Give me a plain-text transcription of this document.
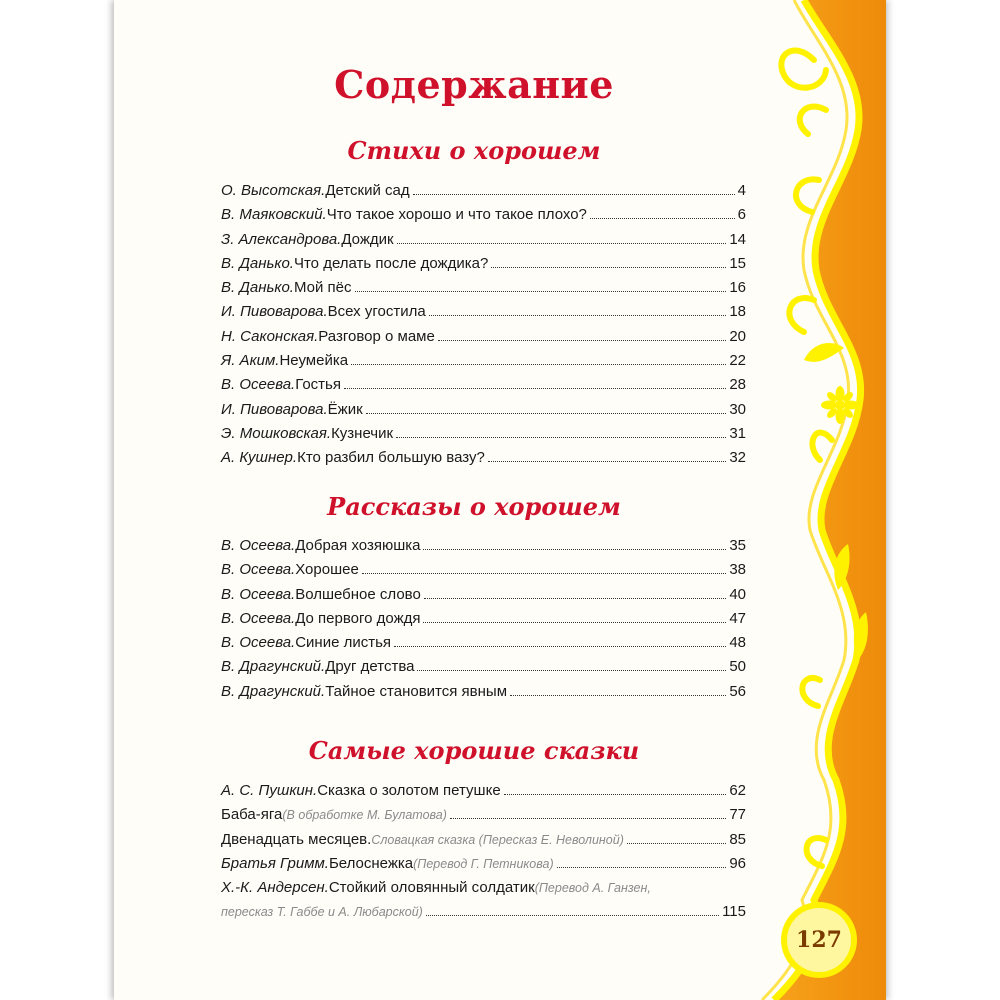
Содержание
Стихи о хорошем
О. Высотская. Детский сад	4
В. Маяковский. Что такое хорошо и что такое плохо?	6
З. Александрова. Дождик	14
В. Данько. Что делать после дождика?	15
В. Данько. Мой пёс	16
И. Пивоварова. Всех угостила	18
Н. Саконская. Разговор о маме	20
Я. Аким. Неумейка	22
В. Осеева. Гостья	28
И. Пивоварова. Ёжик	30
Э. Мошковская. Кузнечик	31
А. Кушнер. Кто разбил большую вазу?	32
Рассказы о хорошем
В. Осеева. Добрая хозяюшка	35
В. Осеева. Хорошее	38
В. Осеева. Волшебное слово	40
В. Осеева. До первого дождя	47
В. Осеева. Синие листья	48
В. Драгунский. Друг детства	50
В. Драгунский. Тайное становится явным	56
Самые хорошие сказки
А. С. Пушкин. Сказка о золотом петушке	62
Баба-яга (В обработке М. Булатова)	77
Двенадцать месяцев. Словацкая сказка (Пересказ Е. Неволиной)	85
Братья Гримм. Белоснежка (Перевод Г. Петникова)	96
Х.-К. Андерсен. Стойкий оловянный солдатик (Перевод А. Ганзен,
пересказ Т. Габбе и А. Любарской)	115
127
